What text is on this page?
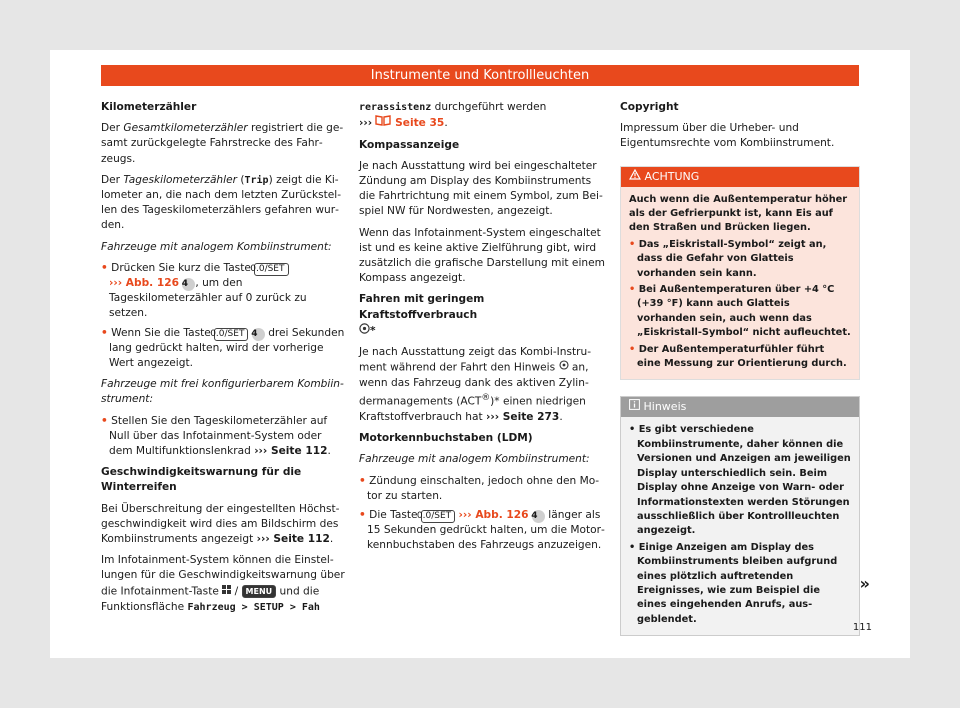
Instrumente und Kontrollleuchten

Kilometerzähler

Der Gesamtkilometerzähler registriert die gesamt zurückgelegte Fahrstrecke des Fahrzeugs.

Der Tageskilometerzähler (Trip) zeigt die Kilometer an, die nach dem letzten Zurückstellen des Tageskilometerzählers gefahren wurden.

Fahrzeuge mit analogem Kombiinstrument:

• Drücken Sie kurz die Taste 0.0/SET
››› Abb. 126 4 , um den Tageskilometerzähler auf 0 zurück zu setzen.

• Wenn Sie die Taste 0.0/SET 4 drei Sekunden lang gedrückt halten, wird der vorherige Wert angezeigt.

Fahrzeuge mit frei konfigurierbarem Kombiinstrument:

• Stellen Sie den Tageskilometerzähler auf Null über das Infotainment-System oder dem Multifunktionslenkrad ››› Seite 112.

Geschwindigkeitswarnung für die Winterreifen

Bei Überschreitung der eingestellten Höchstgeschwindigkeit wird dies am Bildschirm des Kombiinstruments angezeigt ››› Seite 112.

Im Infotainment-System können die Einstellungen für die Geschwindigkeitswarnung über die Infotainment-Taste  / MENU und die Funktionsfläche Fahrzeug > SETUP > Fah

rerassistenz durchgeführt werden
›››  Seite 35.

Kompassanzeige

Je nach Ausstattung wird bei eingeschalteter Zündung am Display des Kombiinstruments die Fahrtrichtung mit einem Symbol, zum Beispiel NW für Nordwesten, angezeigt.

Wenn das Infotainment-System eingeschaltet ist und es keine aktive Zielführung gibt, wird zusätzlich die grafische Darstellung mit einem Kompass angezeigt.

Fahren mit geringem Kraftstoffverbrauch

*

Je nach Ausstattung zeigt das Kombi-Instrument während der Fahrt den Hinweis  an, wenn das Fahrzeug dank des aktiven Zylindermanagements (ACT®)* einen niedrigen Kraftstoffverbrauch hat ››› Seite 273.

Motorkennbuchstaben (LDM)

Fahrzeuge mit analogem Kombiinstrument:

• Zündung einschalten, jedoch ohne den Motor zu starten.

• Die Taste 0.0/SET ››› Abb. 126 4 länger als 15 Sekunden gedrückt halten, um die Motorkennbuchstaben des Fahrzeugs anzuzeigen.

Copyright

Impressum über die Urheber- und Eigentumsrechte vom Kombiinstrument.

ACHTUNG

Auch wenn die Außentemperatur höher als der Gefrierpunkt ist, kann Eis auf den Straßen und Brücken liegen.

• Das „Eiskristall-Symbol“ zeigt an, dass die Gefahr von Glatteis vorhanden sein kann.

• Bei Außentemperaturen über +4 °C (+39 °F) kann auch Glatteis vorhanden sein, auch wenn das „Eiskristall-Symbol“ nicht aufleuchtet.

• Der Außentemperaturfühler führt eine Messung zur Orientierung durch.

Hinweis

• Es gibt verschiedene Kombiinstrumente, daher können die Versionen und Anzeigen am jeweiligen Display unterschiedlich sein. Beim Display ohne Anzeige von Warn- oder Informationstexten werden Störungen ausschließlich über Kontrollleuchten angezeigt.

• Einige Anzeigen am Display des Kombiinstruments bleiben aufgrund eines plötzlich auftretenden Ereignisses, wie zum Beispiel die eines eingehenden Anrufs, ausgeblendet.

»
111
